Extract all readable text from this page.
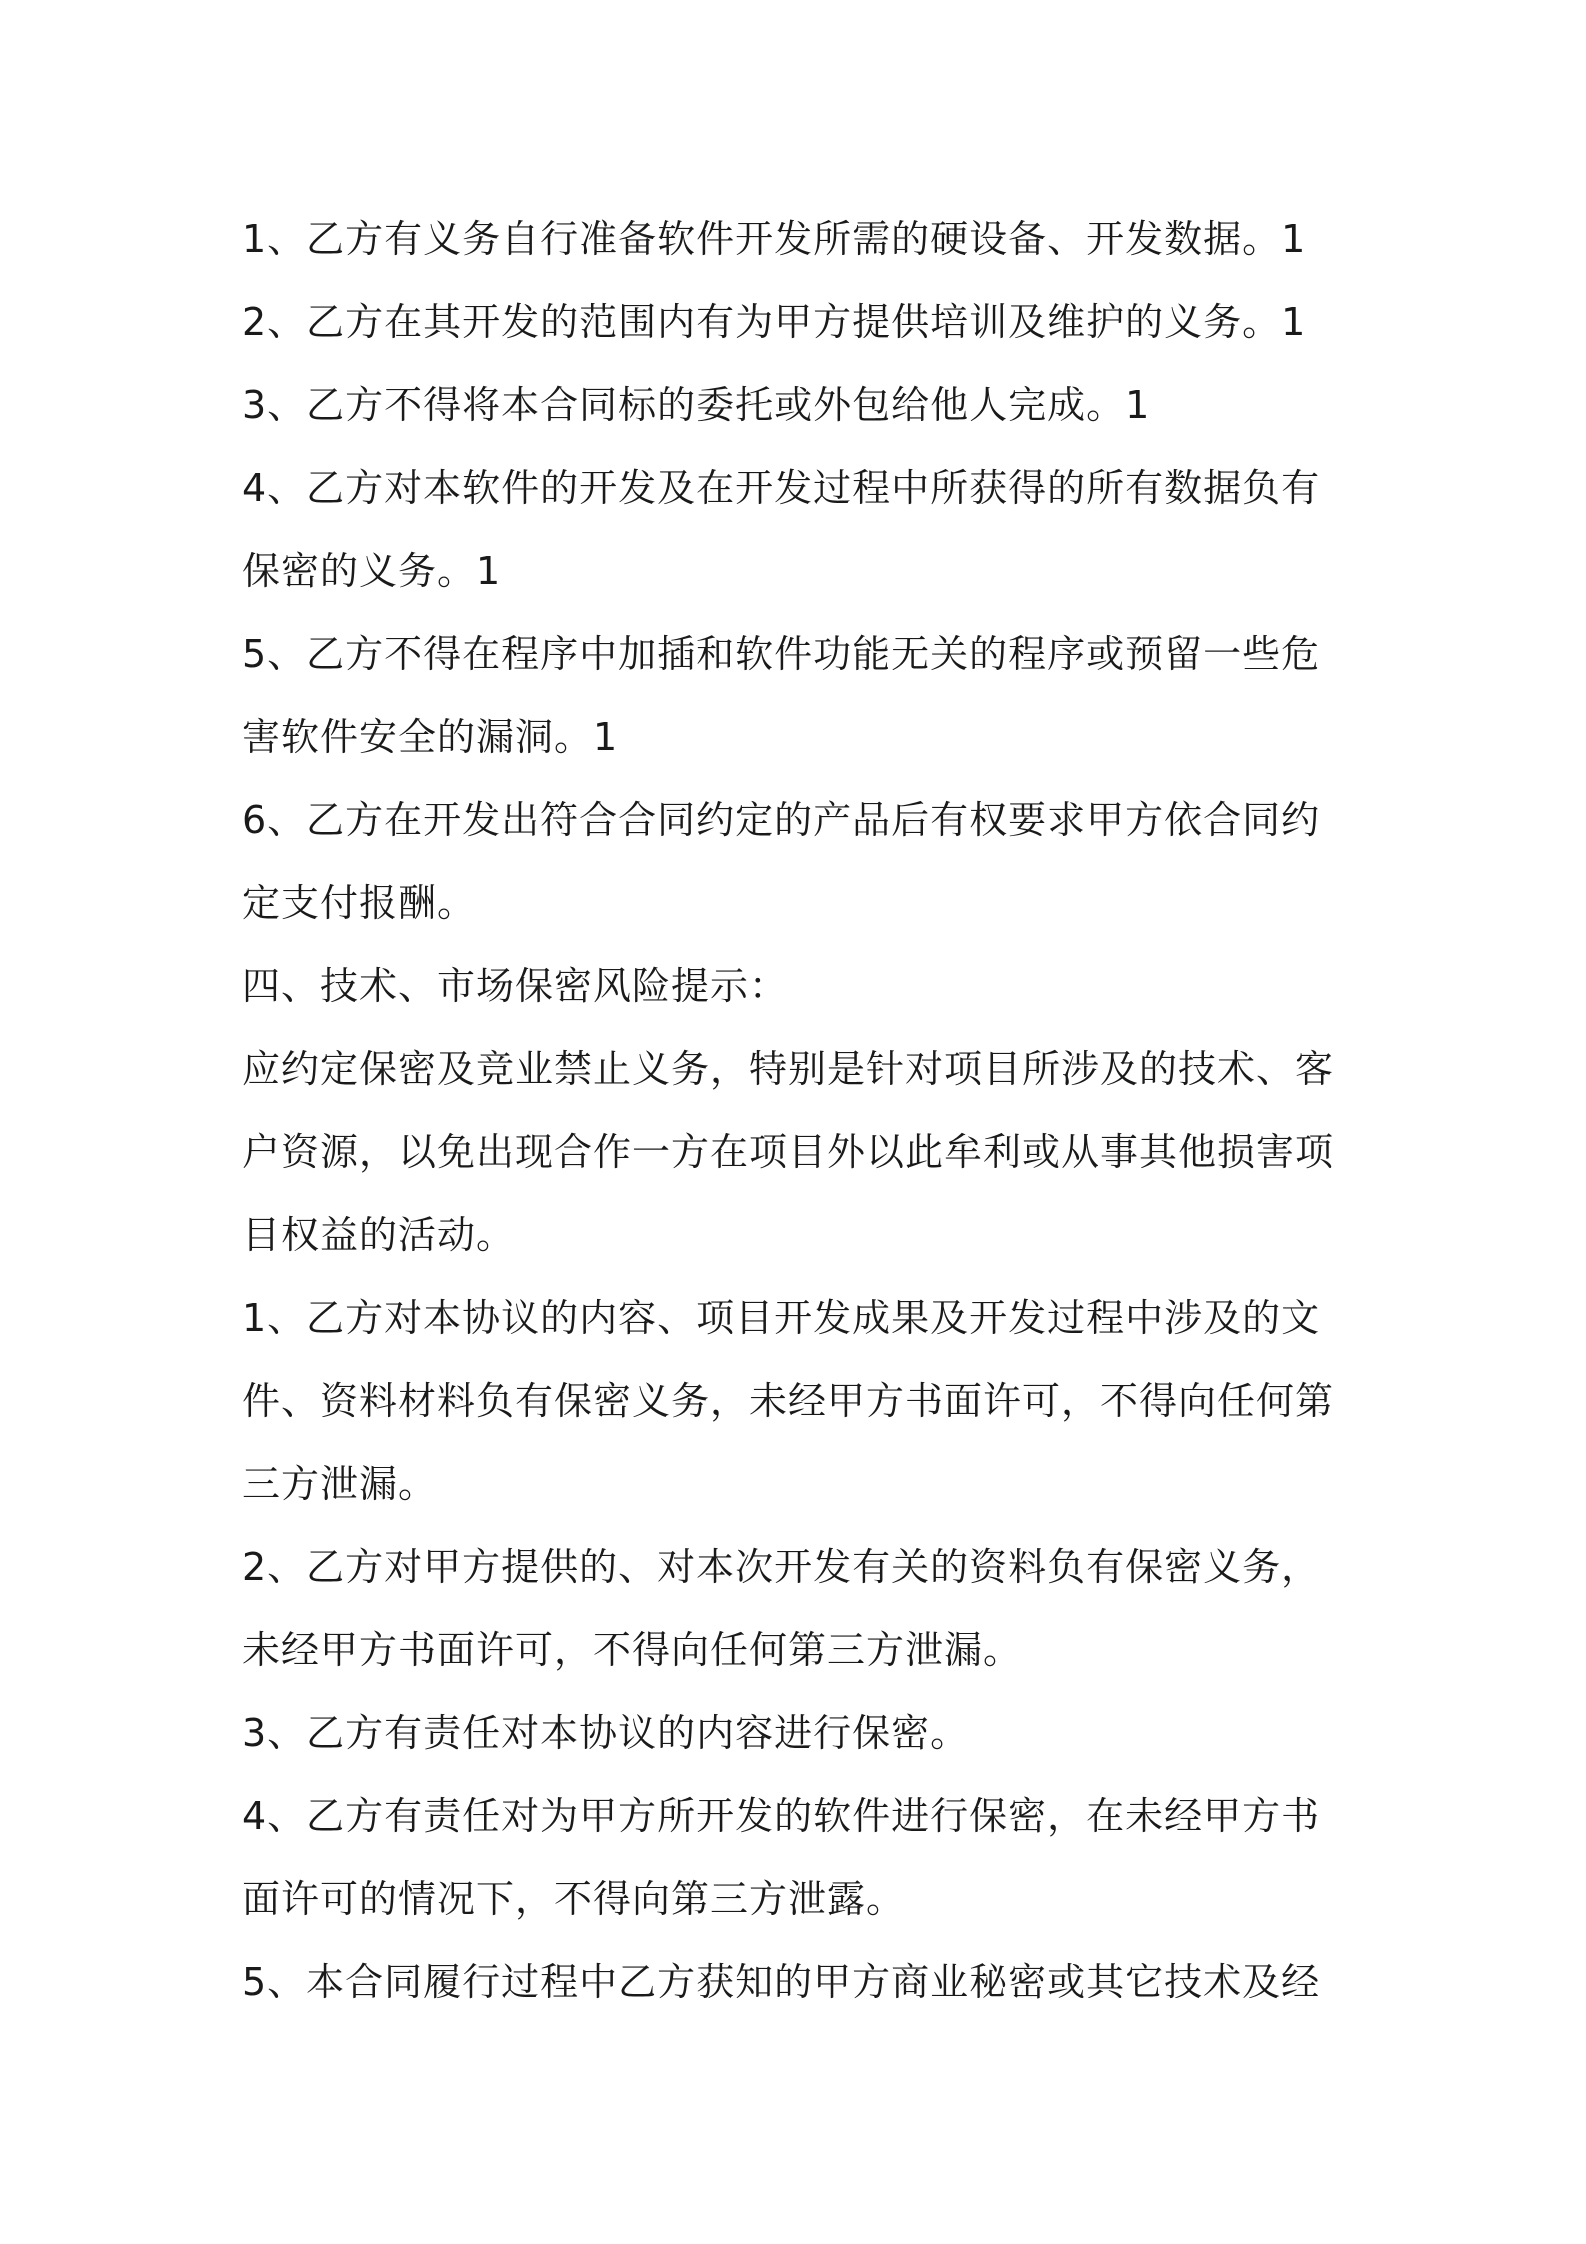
1、乙方有义务自行准备软件开发所需的硬设备、开发数据。1
2、乙方在其开发的范围内有为甲方提供培训及维护的义务。1
3、乙方不得将本合同标的委托或外包给他人完成。1
4、乙方对本软件的开发及在开发过程中所获得的所有数据负有
保密的义务。1
5、乙方不得在程序中加插和软件功能无关的程序或预留一些危
害软件安全的漏洞。1
6、乙方在开发出符合合同约定的产品后有权要求甲方依合同约
定支付报酬。
四、技术、市场保密风险提示：
应约定保密及竞业禁止义务，特别是针对项目所涉及的技术、客
户资源，以免出现合作一方在项目外以此牟利或从事其他损害项
目权益的活动。
1、乙方对本协议的内容、项目开发成果及开发过程中涉及的文
件、资料材料负有保密义务，未经甲方书面许可，不得向任何第
三方泄漏。
2、乙方对甲方提供的、对本次开发有关的资料负有保密义务，
未经甲方书面许可，不得向任何第三方泄漏。
3、乙方有责任对本协议的内容进行保密。
4、乙方有责任对为甲方所开发的软件进行保密，在未经甲方书
面许可的情况下，不得向第三方泄露。
5、本合同履行过程中乙方获知的甲方商业秘密或其它技术及经
